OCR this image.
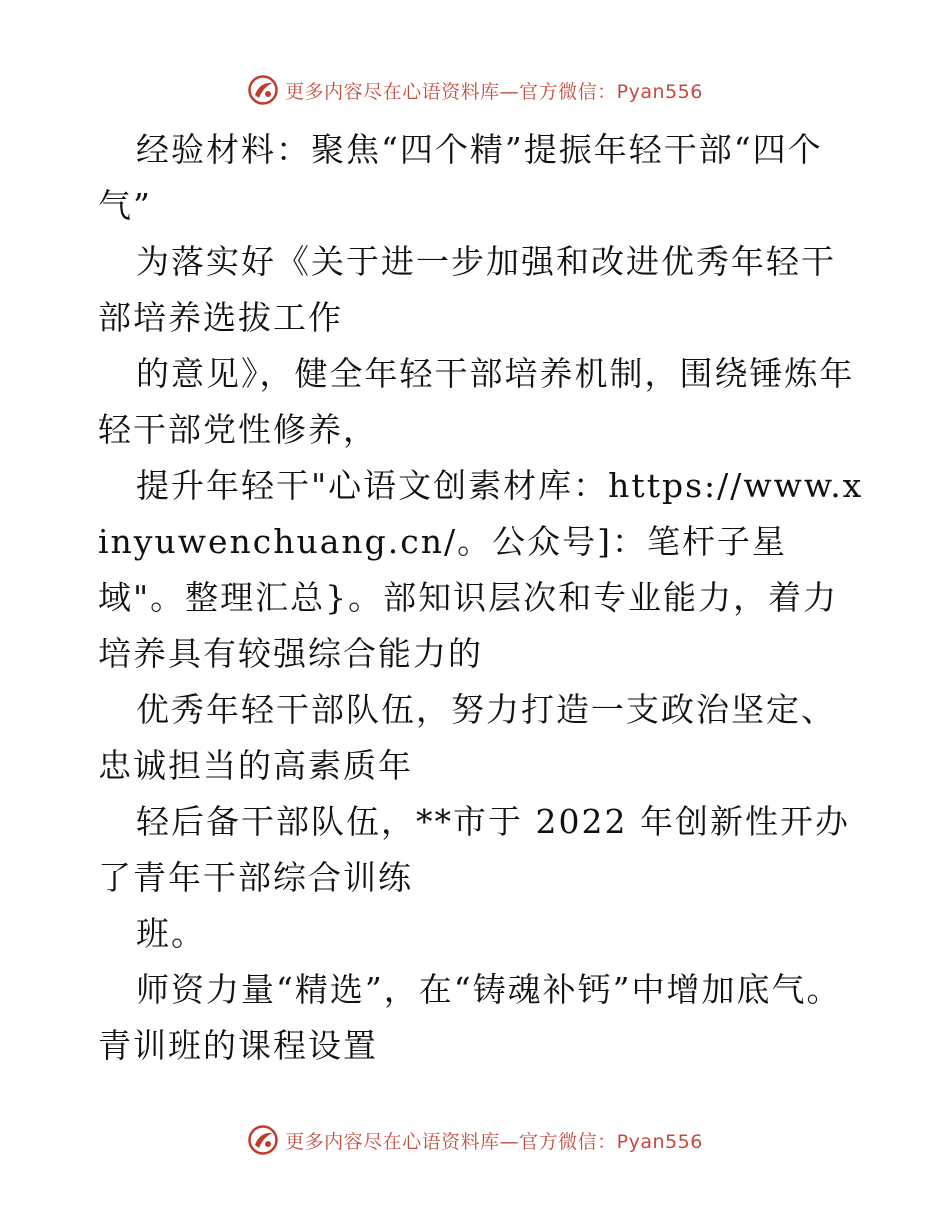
更多内容尽在心语资料库—官方微信：Pyan556

经验材料：聚焦“四个精”提振年轻干部“四个气”

为落实好《关于进一步加强和改进优秀年轻干部培养选拔工作

的意见》，健全年轻干部培养机制，围绕锤炼年轻干部党性修养，

提升年轻干"心语文创素材库：https://www.xinyuwenchuang.cn/。公众号]：笔杆子星域"。整理汇总}。部知识层次和专业能力，着力培养具有较强综合能力的

优秀年轻干部队伍，努力打造一支政治坚定、忠诚担当的高素质年

轻后备干部队伍，**市于 2022 年创新性开办了青年干部综合训练

班。

师资力量“精选”，在“铸魂补钙”中增加底气。青训班的课程设置

更多内容尽在心语资料库—官方微信：Pyan556
